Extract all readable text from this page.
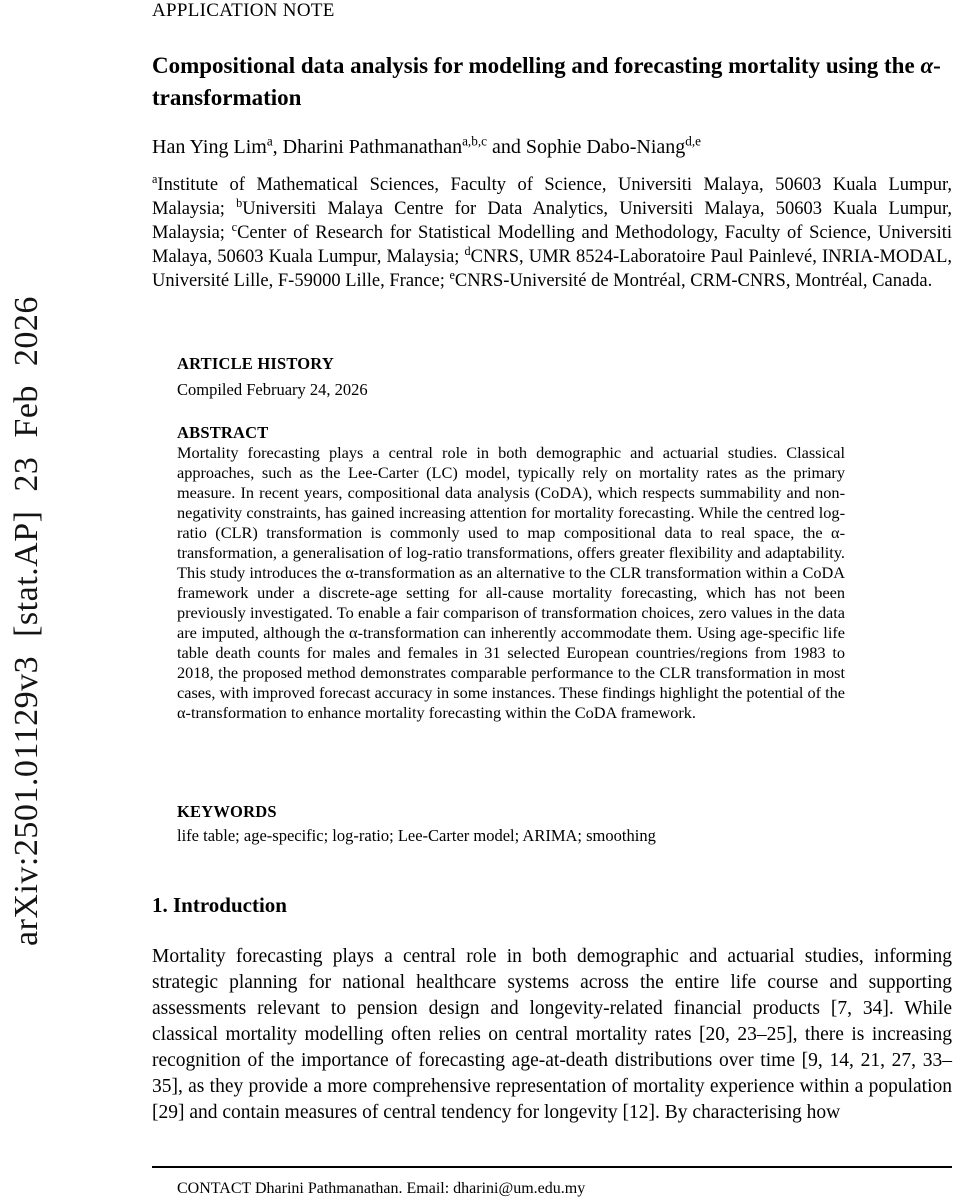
arXiv:2501.01129v3 [stat.AP] 23 Feb 2026
APPLICATION NOTE
Compositional data analysis for modelling and forecasting mortality using the α-transformation
Han Ying Lim$^a$, Dharini Pathmanathan$^{a,b,c}$ and Sophie Dabo-Niang$^{d,e}$
$^a$Institute of Mathematical Sciences, Faculty of Science, Universiti Malaya, 50603 Kuala Lumpur, Malaysia; $^b$Universiti Malaya Centre for Data Analytics, Universiti Malaya, 50603 Kuala Lumpur, Malaysia; $^c$Center of Research for Statistical Modelling and Methodology, Faculty of Science, Universiti Malaya, 50603 Kuala Lumpur, Malaysia; $^d$CNRS, UMR 8524-Laboratoire Paul Painlevé, INRIA-MODAL, Université Lille, F-59000 Lille, France; $^e$CNRS-Université de Montréal, CRM-CNRS, Montréal, Canada.
ARTICLE HISTORY
Compiled February 24, 2026
ABSTRACT
Mortality forecasting plays a central role in both demographic and actuarial studies. Classical approaches, such as the Lee-Carter (LC) model, typically rely on mortality rates as the primary measure. In recent years, compositional data analysis (CoDA), which respects summability and non-negativity constraints, has gained increasing attention for mortality forecasting. While the centred log-ratio (CLR) transformation is commonly used to map compositional data to real space, the α-transformation, a generalisation of log-ratio transformations, offers greater flexibility and adaptability. This study introduces the α-transformation as an alternative to the CLR transformation within a CoDA framework under a discrete-age setting for all-cause mortality forecasting, which has not been previously investigated. To enable a fair comparison of transformation choices, zero values in the data are imputed, although the α-transformation can inherently accommodate them. Using age-specific life table death counts for males and females in 31 selected European countries/regions from 1983 to 2018, the proposed method demonstrates comparable performance to the CLR transformation in most cases, with improved forecast accuracy in some instances. These findings highlight the potential of the α-transformation to enhance mortality forecasting within the CoDA framework.
KEYWORDS
life table; age-specific; log-ratio; Lee-Carter model; ARIMA; smoothing
1. Introduction
Mortality forecasting plays a central role in both demographic and actuarial studies, informing strategic planning for national healthcare systems across the entire life course and supporting assessments relevant to pension design and longevity-related financial products [7, 34]. While classical mortality modelling often relies on central mortality rates [20, 23–25], there is increasing recognition of the importance of forecasting age-at-death distributions over time [9, 14, 21, 27, 33–35], as they provide a more comprehensive representation of mortality experience within a population [29] and contain measures of central tendency for longevity [12]. By characterising how
CONTACT Dharini Pathmanathan. Email: dharini@um.edu.my
